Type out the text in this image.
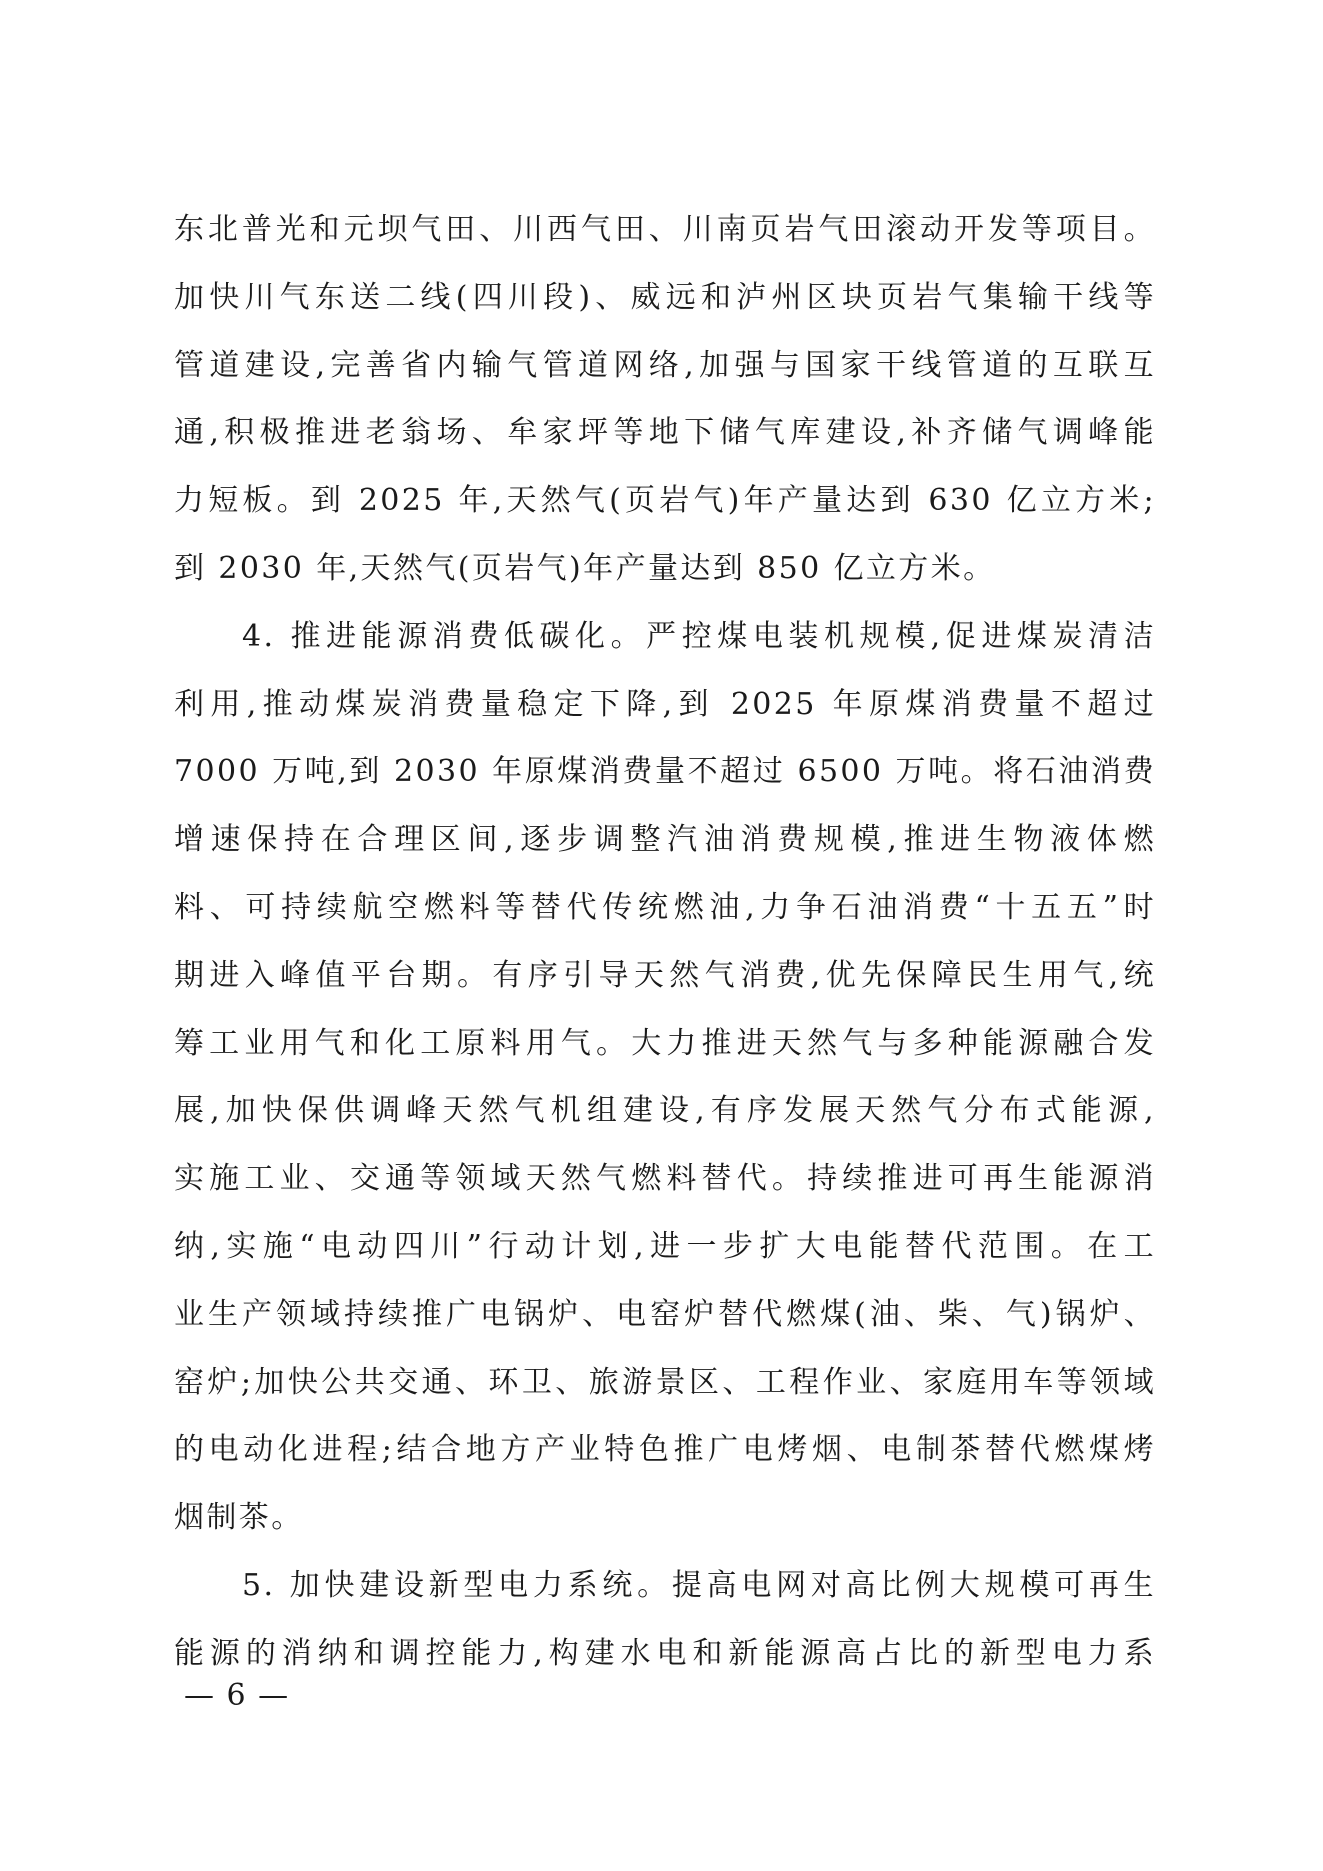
东北普光和元坝气田、川西气田、川南页岩气田滚动开发等项目。
加快川气东送二线(四川段)、威远和泸州区块页岩气集输干线等
管道建设,完善省内输气管道网络,加强与国家干线管道的互联互
通,积极推进老翁场、牟家坪等地下储气库建设,补齐储气调峰能
力短板。到 2025 年,天然气(页岩气)年产量达到 630 亿立方米;
到 2030 年,天然气(页岩气)年产量达到 850 亿立方米。
4. 推进能源消费低碳化。严控煤电装机规模,促进煤炭清洁
利用,推动煤炭消费量稳定下降,到 2025 年原煤消费量不超过
7000 万吨,到 2030 年原煤消费量不超过 6500 万吨。将石油消费
增速保持在合理区间,逐步调整汽油消费规模,推进生物液体燃
料、可持续航空燃料等替代传统燃油,力争石油消费“十五五”时
期进入峰值平台期。有序引导天然气消费,优先保障民生用气,统
筹工业用气和化工原料用气。大力推进天然气与多种能源融合发
展,加快保供调峰天然气机组建设,有序发展天然气分布式能源,
实施工业、交通等领域天然气燃料替代。持续推进可再生能源消
纳,实施“电动四川”行动计划,进一步扩大电能替代范围。在工
业生产领域持续推广电锅炉、电窑炉替代燃煤(油、柴、气)锅炉、
窑炉;加快公共交通、环卫、旅游景区、工程作业、家庭用车等领域
的电动化进程;结合地方产业特色推广电烤烟、电制茶替代燃煤烤
烟制茶。
5. 加快建设新型电力系统。提高电网对高比例大规模可再生
能源的消纳和调控能力,构建水电和新能源高占比的新型电力系
— 6 —
